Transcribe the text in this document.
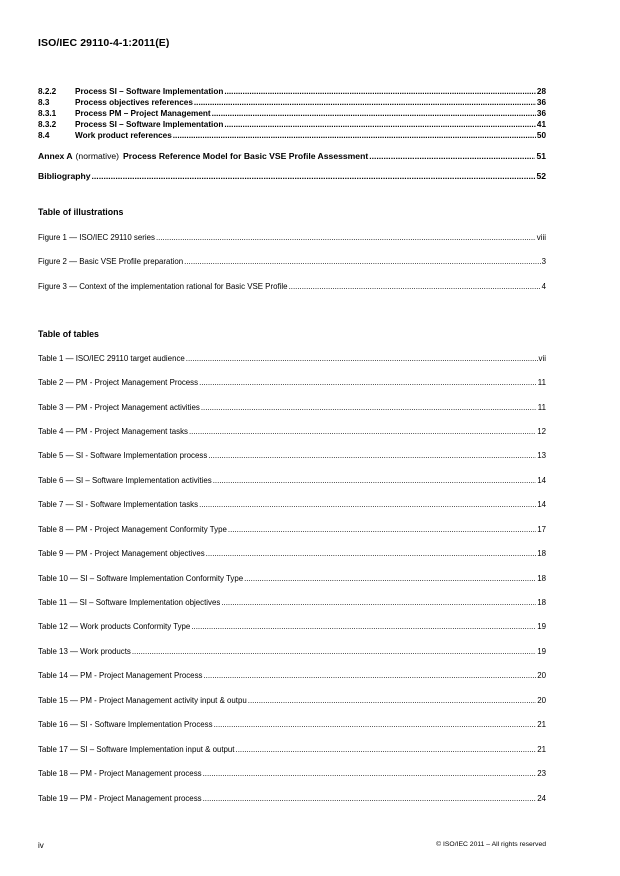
ISO/IEC 29110-4-1:2011(E)
8.2.2	Process SI – Software Implementation .....	28
8.3	Process objectives references .....	36
8.3.1	Process PM – Project Management .....	36
8.3.2	Process SI – Software Implementation .....	41
8.4	Work product references .....	50
Annex A (normative) Process Reference Model for Basic VSE Profile Assessment .....	51
Bibliography .....	52
Table of illustrations
Figure 1 — ISO/IEC 29110 series .....	viii
Figure 2 — Basic VSE Profile preparation .....	3
Figure 3 — Context of the implementation rational for Basic VSE Profile .....	4
Table of tables
Table 1 — ISO/IEC 29110 target audience .....	vii
Table 2 — PM - Project Management Process .....	11
Table 3 — PM - Project Management activities .....	11
Table 4 — PM - Project Management tasks .....	12
Table 5 — SI - Software Implementation process .....	13
Table 6 — SI – Software Implementation activities .....	14
Table 7 — SI - Software Implementation tasks .....	14
Table 8 — PM - Project Management Conformity Type .....	17
Table 9 — PM - Project Management objectives .....	18
Table 10 — SI – Software Implementation Conformity Type .....	18
Table 11 — SI – Software Implementation objectives .....	18
Table 12 — Work products Conformity Type .....	19
Table 13 — Work products .....	19
Table 14 — PM - Project Management Process .....	20
Table 15 — PM - Project Management activity input & outpu .....	20
Table 16 — SI - Software Implementation Process .....	21
Table 17 — SI – Software Implementation input & output .....	21
Table 18 — PM - Project Management process .....	23
Table 19 — PM - Project Management process .....	24
iv	© ISO/IEC 2011 – All rights reserved
